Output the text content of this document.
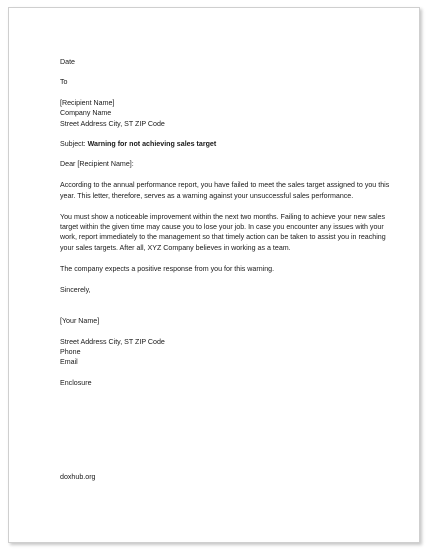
Date
To
[Recipient Name]
Company Name
Street Address City, ST ZIP Code
Subject: Warning for not achieving sales target
Dear [Recipient Name]:

According to the annual performance report, you have failed to meet the sales target assigned to you this year. This letter, therefore, serves as a warning against your unsuccessful sales performance.

You must show a noticeable improvement within the next two months. Failing to achieve your new sales target within the given time may cause you to lose your job. In case you encounter any issues with your work, report immediately to the management so that timely action can be taken to assist you in reaching your sales targets. After all, XYZ Company believes in working as a team.

The company expects a positive response from you for this warning.

Sincerely,
[Your Name]
Street Address City, ST ZIP Code
Phone
Email
Enclosure
doxhub.org
